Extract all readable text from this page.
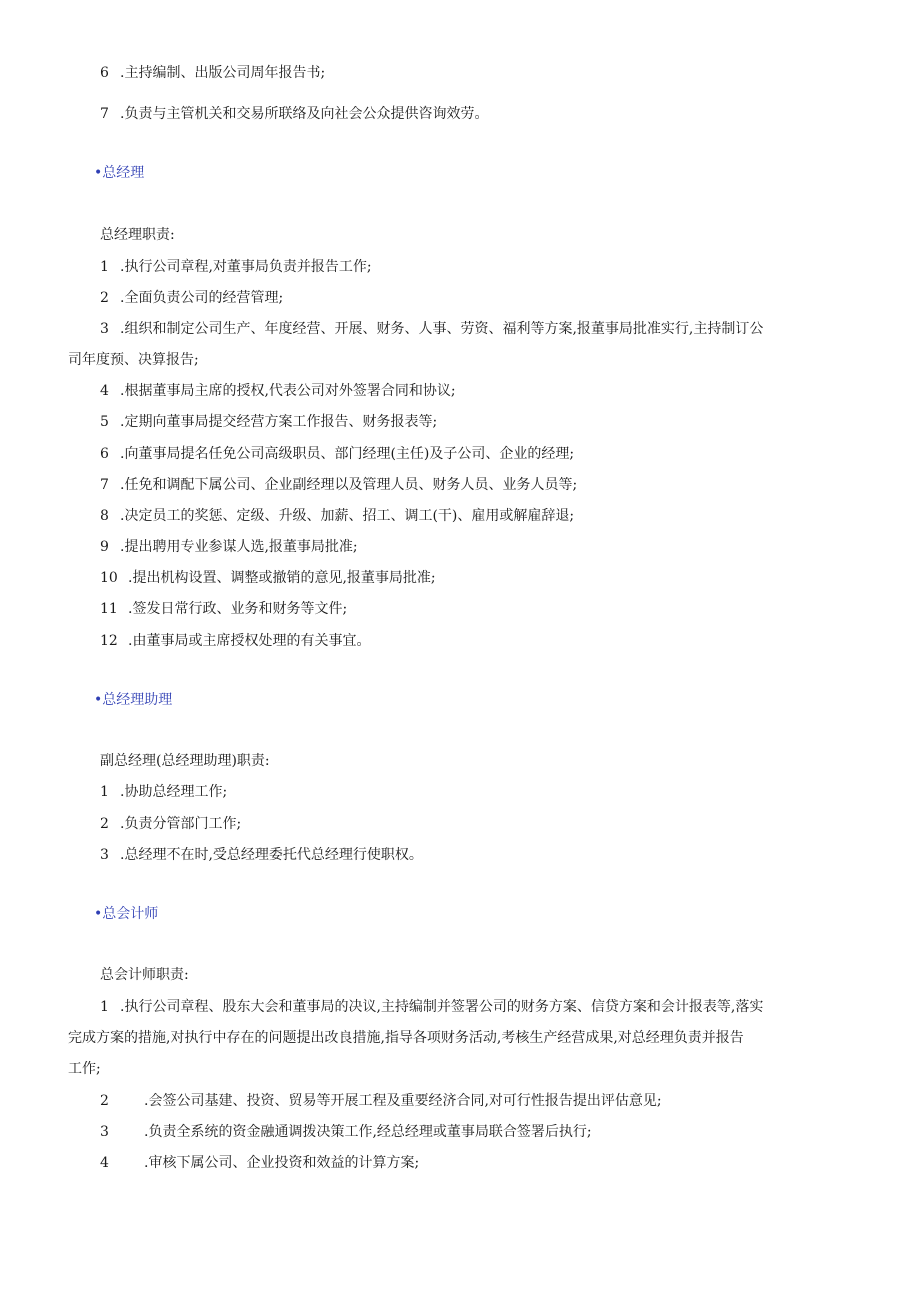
6 .主持编制、出版公司周年报告书;
7 .负责与主管机关和交易所联络及向社会公众提供咨询效劳。
•总经理
总经理职责:
1 .执行公司章程,对董事局负责并报告工作;
2 .全面负责公司的经营管理;
3 .组织和制定公司生产、年度经营、开展、财务、人事、劳资、福利等方案,报董事局批准实行,主持制订公
司年度预、决算报告;
4 .根据董事局主席的授权,代表公司对外签署合同和协议;
5 .定期向董事局提交经营方案工作报告、财务报表等;
6 .向董事局提名任免公司高级职员、部门经理(主任)及子公司、企业的经理;
7 .任免和调配下属公司、企业副经理以及管理人员、财务人员、业务人员等;
8 .决定员工的奖惩、定级、升级、加薪、招工、调工(干)、雇用或解雇辞退;
9 .提出聘用专业参谋人选,报董事局批准;
10 .提出机构设置、调整或撤销的意见,报董事局批准;
11 .签发日常行政、业务和财务等文件;
12 .由董事局或主席授权处理的有关事宜。
•总经理助理
副总经理(总经理助理)职责:
1 .协助总经理工作;
2 .负责分管部门工作;
3 .总经理不在时,受总经理委托代总经理行使职权。
•总会计师
总会计师职责:
1 .执行公司章程、股东大会和董事局的决议,主持编制并签署公司的财务方案、信贷方案和会计报表等,落实
完成方案的措施,对执行中存在的问题提出改良措施,指导各项财务活动,考核生产经营成果,对总经理负责并报告
工作;
2	.会签公司基建、投资、贸易等开展工程及重要经济合同,对可行性报告提出评估意见;
3	.负责全系统的资金融通调拨决策工作,经总经理或董事局联合签署后执行;
4	.审核下属公司、企业投资和效益的计算方案;
